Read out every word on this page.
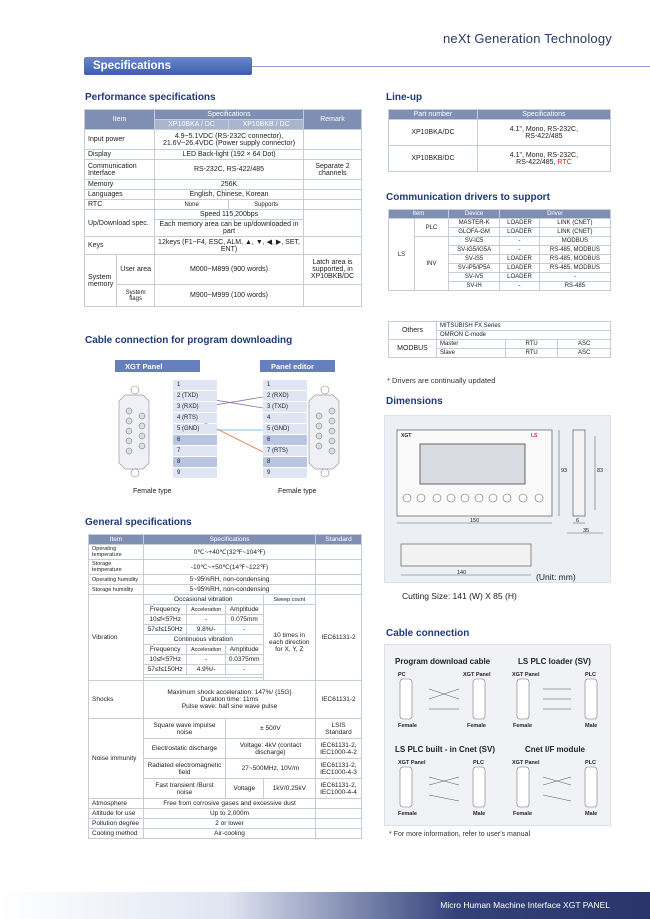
neXt Generation Technology
Specifications
Performance specifications
Item		Specifications		Remark
		XP10BKA / DC	XP10BKB / DC	
Input power		4.9~5.1VDC (RS-232C connector), 21.6V~26.4VDC (Power supply connector)		
Display		LED Back-light (192 × 64 Dot)		
Communication Interface		RS-232C, RS-422/485		Separate 2 channels
Memory		256K		
Languages		English, Chinese, Korean		
RTC		None	Supports	
Up/Download spec.		Speed 115,200bps		
		Each memory area can be up/downloaded in part		
Keys		12keys (F1~F4, ESC, ALM, ▲, ▼, ◀, ▶, SET, ENT)		
System memory	User area	M000~M899 (900 words)		Latch area is supported, in XP10BKB/DC
	System flags	M900~M999 (100 words)		
Line-up
Part number	Specifications
XP10BKA/DC	4.1", Mono, RS-232C,
RS-422/485
XP10BKB/DC	4.1", Mono, RS-232C,
RS-422/485, RTC
Communication drivers to support
Item		Device	Driver	
LS	PLC	MASTER-K	LOADER	LINK (CNET)
		GLOFA-GM	LOADER	LINK (CNET)
	INV	SV-iC5	-	MODBUS
		SV-iG5/iG5A	-	RS-485, MODBUS
		SV-iS5	LOADER	RS-485, MODBUS
		SV-iP5/iP5A	LOADER	RS-485, MODBUS
		SV-iV5	LOADER	-
		SV-iH	-	RS-485
Others	MITSUBISH FX Series		
	OMRON C-mode		
MODBUS	Master	RTU	ASC
	Slave	RTU	ASC
* Drivers are continually updated
Cable connection for program downloading
XGT Panel	Panel editor
Female type	Female type
1
2 (TXD)
3 (RXD)
4 (RTS)
5 (GND)
6
7
8
9
1
2 (RXD)
3 (TXD)
4
5 (GND)
6
7 (RTS)
8
9
General specifications
Item	Specifications				Standard
Operating temperature	0℃~+40℃(32℉~104℉)				
Storage temperature	-10℃~+50℃(14℉~122℉)				
Operating humidity	5~95%RH, non-condensing				
Storage humidity	5~95%RH, non-condensing				
Vibration	Occasional vibration			Sweep count	IEC61131-2
	Frequency	Acceleration	Amplitude	10 times in each direction for X, Y, Z	
	10≤f<57Hz	-	0.075mm		
	57≤f≤150Hz	9.8%/-	-		
	Continuous vibration				
	Frequency	Acceleration	Amplitude		
	10≤f<57Hz	-	0.0375mm		
	57≤f≤150Hz	4.9%/-	-		

Shocks	Maximum shock acceleration: 147%/ {15G}
Duration time: 11ms
Pulse wave: half sine wave pulse				IEC61131-2
Noise immunity	Square wave impulse noise		± 500V		LSIS Standard
	Electrostatic discharge		Voltage: 4kV (contact discharge)		IEC61131-2, IEC1000-4-2
	Radiated electromagnetic field		27~500MHz, 10V/m		IEC61131-2, IEC1000-4-3
	Fast transient /Burst noise		Voltage	1kV/0.25kV	IEC61131-2, IEC1000-4-4
Atmosphere	Free from corrosive gases and excessive dust				
Altitude for use	Up to 2,000m				
Pollution degree	2 or lower				
Cooling method	Air-cooling				
Dimensions
XGT	LS
150
93	83
6
35
140	(Unit: mm)
Cutting Size: 141 (W) X 85 (H)
Cable connection
Program download cable
PC	XGT Panel
Female	Female
LS PLC loader (SV)
XGT Panel	PLC
Female	Male
LS PLC built - in Cnet (SV)
XGT Panel	PLC
Female	Male
Cnet I/F module
XGT Panel	PLC
Female	Male
* For more information, refer to user's manual
Micro Human Machine Interface XGT PANEL
